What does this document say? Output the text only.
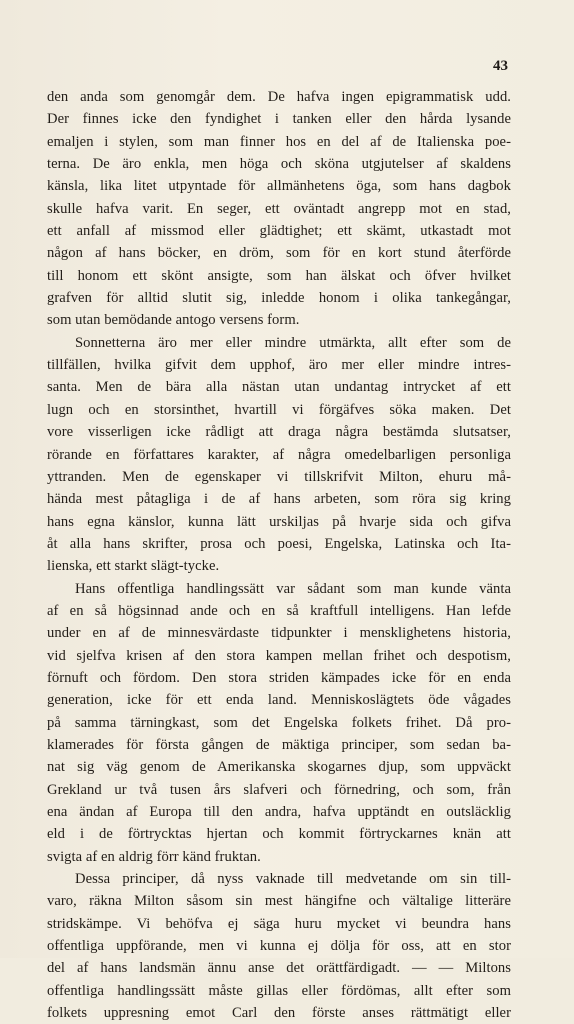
43

den anda som genomgår dem. De hafva ingen epigrammatisk udd.
Der finnes icke den fyndighet i tanken eller den hårda lysande
emaljen i stylen, som man finner hos en del af de Italienska poe-
terna. De äro enkla, men höga och sköna utgjutelser af skaldens
känsla, lika litet utpyntade för allmänhetens öga, som hans dagbok
skulle hafva varit. En seger, ett oväntadt angrepp mot en stad,
ett anfall af missmod eller glädtighet; ett skämt, utkastadt mot
någon af hans böcker, en dröm, som för en kort stund återförde
till honom ett skönt ansigte, som han älskat och öfver hvilket
grafven för alltid slutit sig, inledde honom i olika tankegångar,
som utan bemödande antogo versens form.

Sonnetterna äro mer eller mindre utmärkta, allt efter som de
tillfällen, hvilka gifvit dem upphof, äro mer eller mindre intres-
santa. Men de bära alla nästan utan undantag intrycket af ett
lugn och en storsinthet, hvartill vi förgäfves söka maken. Det
vore visserligen icke rådligt att draga några bestämda slutsatser,
rörande en författares karakter, af några omedelbarligen personliga
yttranden. Men de egenskaper vi tillskrifvit Milton, ehuru må-
hända mest påtagliga i de af hans arbeten, som röra sig kring
hans egna känslor, kunna lätt urskiljas på hvarje sida och gifva
åt alla hans skrifter, prosa och poesi, Engelska, Latinska och Ita-
lienska, ett starkt slägt-tycke.

Hans offentliga handlingssätt var sådant som man kunde vänta
af en så högsinnad ande och en så kraftfull intelligens. Han lefde
under en af de minnesvärdaste tidpunkter i mensklighetens historia,
vid sjelfva krisen af den stora kampen mellan frihet och despotism,
förnuft och fördom. Den stora striden kämpades icke för en enda
generation, icke för ett enda land. Menniskoslägtets öde vågades
på samma tärningkast, som det Engelska folkets frihet. Då pro-
klamerades för första gången de mäktiga principer, som sedan ba-
nat sig väg genom de Amerikanska skogarnes djup, som uppväckt
Grekland ur två tusen års slafveri och förnedring, och som, från
ena ändan af Europa till den andra, hafva upptändt en outsläcklig
eld i de förtrycktas hjertan och kommit förtryckarnes knän att
svigta af en aldrig förr känd fruktan.

Dessa principer, då nyss vaknade till medvetande om sin till-
varo, räkna Milton såsom sin mest hängifne och vältalige litteräre
stridskämpe. Vi behöfva ej säga huru mycket vi beundra hans
offentliga uppförande, men vi kunna ej dölja för oss, att en stor
del af hans landsmän ännu anse det orättfärdigadt. — — Miltons
offentliga handlingssätt måste gillas eller fördömas, allt efter som
folkets uppresning emot Carl den förste anses rättmätigt eller
